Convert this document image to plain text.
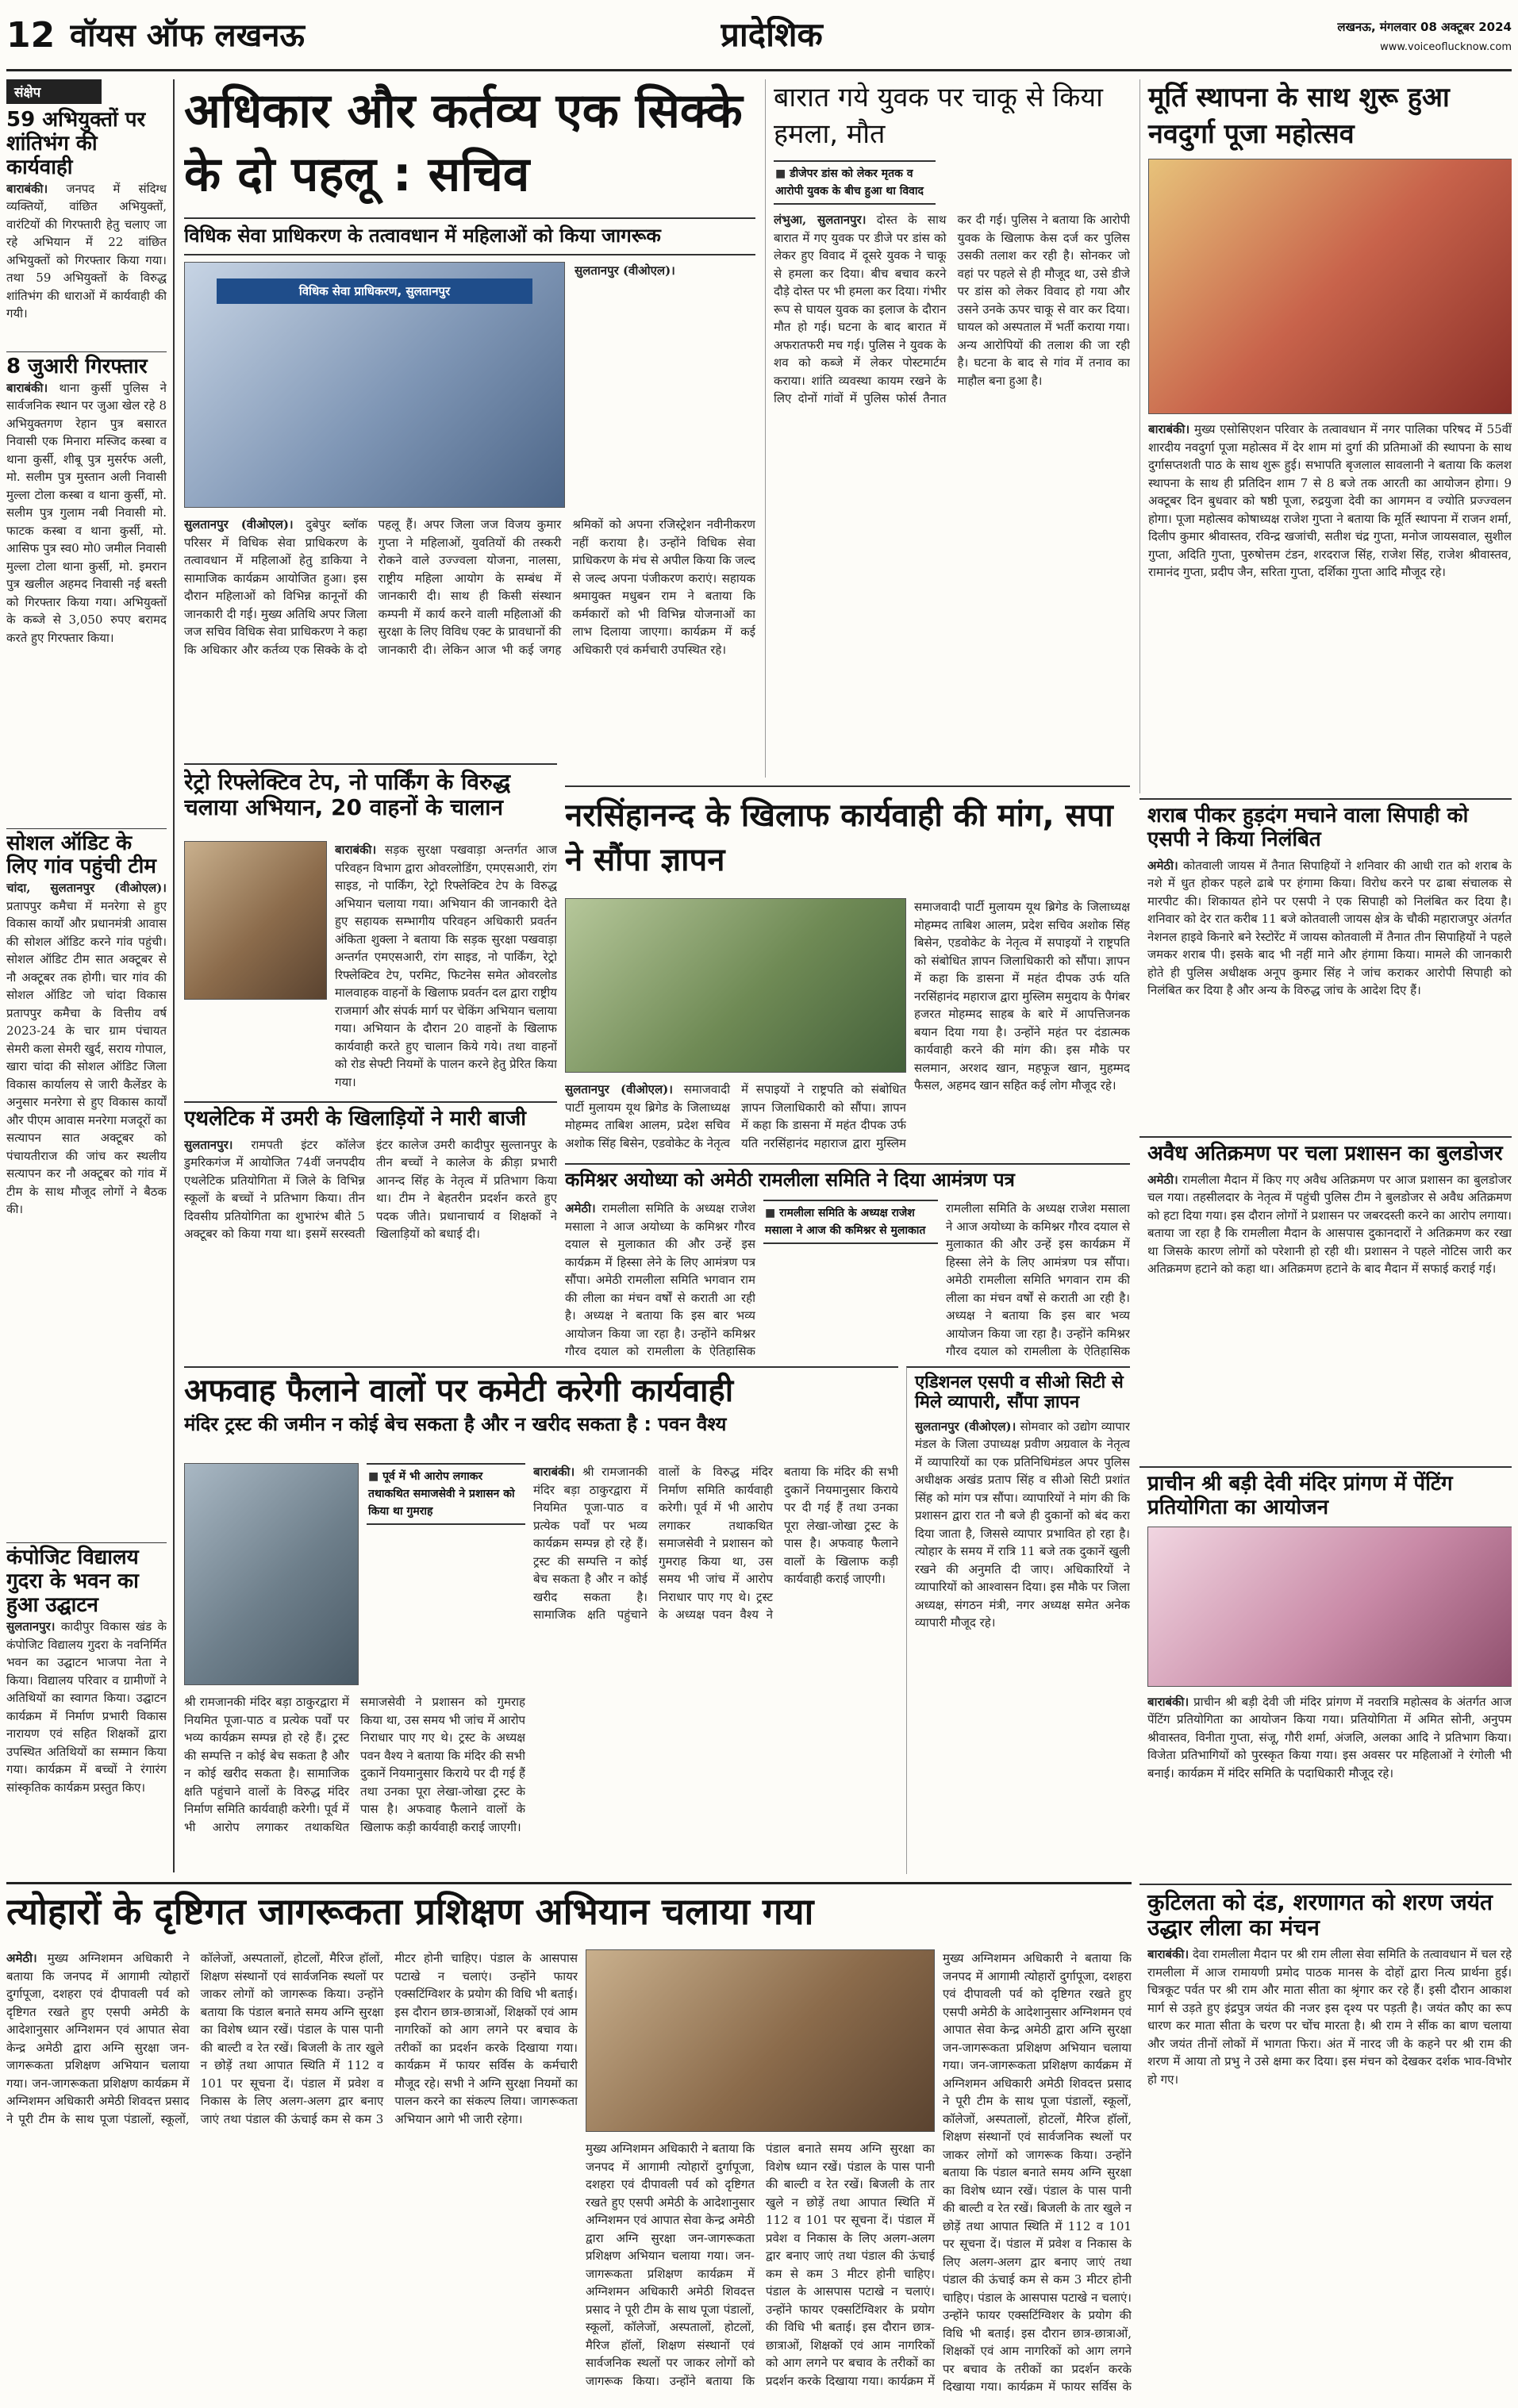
12 वॉयस ऑफ लखनऊ	प्रादेशिक	लखनऊ, मंगलवार 08 अक्टूबर 2024
www.voiceoflucknow.com
संक्षेप
59 अभियुक्तों पर शांतिभंग की कार्यवाही
बाराबंकी। जनपद में संदिग्ध व्यक्तियों, वांछित अभियुक्तों, वारंटियों की गिरफ्तारी हेतु चलाए जा रहे अभियान में 22 वांछित अभियुक्तों को गिरफ्तार किया गया। तथा 59 अभियुक्तों के विरुद्ध शांतिभंग की धाराओं में कार्यवाही की गयी।
8 जुआरी गिरफ्तार
बाराबंकी। थाना कुर्सी पुलिस ने सार्वजनिक स्थान पर जुआ खेल रहे 8 अभियुक्तगण रेहान पुत्र बसारत निवासी एक मिनारा मस्जिद कस्बा व थाना कुर्सी, शीबू पुत्र मुसर्रफ अली, मो. सलीम पुत्र मुस्तान अली निवासी मुल्ला टोला कस्बा व थाना कुर्सी, मो. सलीम पुत्र गुलाम नबी निवासी मो. फाटक कस्बा व थाना कुर्सी, मो. आसिफ पुत्र स्व0 मो0 जमील निवासी मुल्ला टोला थाना कुर्सी, मो. इमरान पुत्र खलील अहमद निवासी नई बस्ती को गिरफ्तार किया गया। अभियुक्तों के कब्जे से 3,050 रुपए बरामद करते हुए गिरफ्तार किया।
सोशल ऑडिट के लिए गांव पहुंची टीम
चांदा, सुलतानपुर (वीओएल)। प्रतापपुर कमैचा में मनरेगा से हुए विकास कार्यों और प्रधानमंत्री आवास की सोशल ऑडिट करने गांव पहुंची। सोशल ऑडिट टीम सात अक्टूबर से नौ अक्टूबर तक होगी। चार गांव की सोशल ऑडिट जो चांदा विकास प्रतापपुर कमैचा के वित्तीय वर्ष 2023-24 के चार ग्राम पंचायत सेमरी कला सेमरी खुर्द, सराय गोपाल, खारा चांदा की सोशल ऑडिट जिला विकास कार्यालय से जारी कैलेंडर के अनुसार मनरेगा से हुए विकास कार्यों और पीएम आवास मनरेगा मजदूरों का सत्यापन सात अक्टूबर को पंचायतीराज की जांच कर स्थलीय सत्यापन कर नौ अक्टूबर को गांव में टीम के साथ मौजूद लोगों ने बैठक की।
कंपोजिट विद्यालय गुदरा के भवन का हुआ उद्घाटन
सुलतानपुर। कादीपुर विकास खंड के कंपोजिट विद्यालय गुदरा के नवनिर्मित भवन का उद्घाटन भाजपा नेता ने किया। विद्यालय परिवार व ग्रामीणों ने अतिथियों का स्वागत किया। उद्घाटन कार्यक्रम में निर्माण प्रभारी विकास नारायण एवं सहित शिक्षकों द्वारा उपस्थित अतिथियों का सम्मान किया गया। कार्यक्रम में बच्चों ने रंगारंग सांस्कृतिक कार्यक्रम प्रस्तुत किए।
अधिकार और कर्तव्य एक सिक्के के दो पहलू : सचिव
विधिक सेवा प्राधिकरण के तत्वावधान में महिलाओं को किया जागरूक
विधिक सेवा प्राधिकरण, सुलतानपुर
सुलतानपुर (वीओएल)।
सुलतानपुर (वीओएल)। दुबेपुर ब्लॉक परिसर में विधिक सेवा प्राधिकरण के तत्वावधान में महिलाओं हेतु डाकिया ने सामाजिक कार्यक्रम आयोजित हुआ। इस दौरान महिलाओं को विभिन्न कानूनों की जानकारी दी गई। मुख्य अतिथि अपर जिला जज सचिव विधिक सेवा प्राधिकरण ने कहा कि अधिकार और कर्तव्य एक सिक्के के दो पहलू हैं। अपर जिला जज विजय कुमार गुप्ता ने महिलाओं, युवतियों की तस्करी रोकने वाले उज्ज्वला योजना, नालसा, राष्ट्रीय महिला आयोग के सम्बंध में जानकारी दी। साथ ही किसी संस्थान कम्पनी में कार्य करने वाली महिलाओं की सुरक्षा के लिए विविध एक्ट के प्रावधानों की जानकारी दी। लेकिन आज भी कई जगह श्रमिकों को अपना रजिस्ट्रेशन नवीनीकरण नहीं कराया है। उन्होंने विधिक सेवा प्राधिकरण के मंच से अपील किया कि जल्द से जल्द अपना पंजीकरण कराएं। सहायक श्रमायुक्त मधुबन राम ने बताया कि कर्मकारों को भी विभिन्न योजनाओं का लाभ दिलाया जाएगा। कार्यक्रम में कई अधिकारी एवं कर्मचारी उपस्थित रहे।
रेट्रो रिफ्लेक्टिव टेप, नो पार्किंग के विरुद्ध चलाया अभियान, 20 वाहनों के चालान
बाराबंकी। सड़क सुरक्षा पखवाड़ा अन्तर्गत आज परिवहन विभाग द्वारा ओवरलोडिंग, एमएसआरी, रांग साइड, नो पार्किंग, रेट्रो रिफ्लेक्टिव टेप के विरुद्ध अभियान चलाया गया। अभियान की जानकारी देते हुए सहायक सम्भागीय परिवहन अधिकारी प्रवर्तन अंकिता शुक्ला ने बताया कि सड़क सुरक्षा पखवाड़ा अन्तर्गत एमएसआरी, रांग साइड, नो पार्किंग, रेट्रो रिफ्लेक्टिव टेप, परमिट, फिटनेस समेत ओवरलोड मालवाहक वाहनों के खिलाफ प्रवर्तन दल द्वारा राष्ट्रीय राजमार्ग और संपर्क मार्ग पर चेकिंग अभियान चलाया गया। अभियान के दौरान 20 वाहनों के खिलाफ कार्यवाही करते हुए चालान किये गये। तथा वाहनों को रोड सेफ्टी नियमों के पालन करने हेतु प्रेरित किया गया।
एथलेटिक में उमरी के खिलाड़ियों ने मारी बाजी
सुलतानपुर। रामपती इंटर कॉलेज डुमरिकगंज में आयोजित 74वीं जनपदीय एथलेटिक प्रतियोगिता में जिले के विभिन्न स्कूलों के बच्चों ने प्रतिभाग किया। तीन दिवसीय प्रतियोगिता का शुभारंभ बीते 5 अक्टूबर को किया गया था। इसमें सरस्वती इंटर कालेज उमरी कादीपुर सुल्तानपुर के तीन बच्चों ने कालेज के क्रीड़ा प्रभारी आनन्द सिंह के नेतृत्व में प्रतिभाग किया था। टीम ने बेहतरीन प्रदर्शन करते हुए पदक जीते। प्रधानाचार्य व शिक्षकों ने खिलाड़ियों को बधाई दी।
बारात गये युवक पर चाकू से किया हमला, मौत
■ डीजेपर डांस को लेकर मृतक व आरोपी युवक के बीच हुआ था विवाद
लंभुआ, सुलतानपुर। दोस्त के साथ बारात में गए युवक पर डीजे पर डांस को लेकर हुए विवाद में दूसरे युवक ने चाकू से हमला कर दिया। बीच बचाव करने दौड़े दोस्त पर भी हमला कर दिया। गंभीर रूप से घायल युवक का इलाज के दौरान मौत हो गई। घटना के बाद बारात में अफरातफरी मच गई। पुलिस ने युवक के शव को कब्जे में लेकर पोस्टमार्टम कराया। शांति व्यवस्था कायम रखने के लिए दोनों गांवों में पुलिस फोर्स तैनात कर दी गई। पुलिस ने बताया कि आरोपी युवक के खिलाफ केस दर्ज कर पुलिस उसकी तलाश कर रही है। सोनकर जो वहां पर पहले से ही मौजूद था, उसे डीजे पर डांस को लेकर विवाद हो गया और उसने उनके ऊपर चाकू से वार कर दिया। घायल को अस्पताल में भर्ती कराया गया। अन्य आरोपियों की तलाश की जा रही है। घटना के बाद से गांव में तनाव का माहौल बना हुआ है।
नरसिंहानन्द के खिलाफ कार्यवाही की मांग, सपा ने सौंपा ज्ञापन
समाजवादी पार्टी मुलायम यूथ ब्रिगेड के जिलाध्यक्ष मोहम्मद ताबिश आलम, प्रदेश सचिव अशोक सिंह बिसेन, एडवोकेट के नेतृत्व में सपाइयों ने राष्ट्रपति को संबोधित ज्ञापन जिलाधिकारी को सौंपा। ज्ञापन में कहा कि डासना में महंत दीपक उर्फ यति नरसिंहानंद महाराज द्वारा मुस्लिम समुदाय के पैगंबर हजरत मोहम्मद साहब के बारे में आपत्तिजनक बयान दिया गया है। उन्होंने महंत पर दंडात्मक कार्यवाही करने की मांग की। इस मौके पर सलमान, अरशद खान, महफूज खान, मुहम्मद फैसल, अहमद खान सहित कई लोग मौजूद रहे।
सुलतानपुर (वीओएल)। समाजवादी पार्टी मुलायम यूथ ब्रिगेड के जिलाध्यक्ष मोहम्मद ताबिश आलम, प्रदेश सचिव अशोक सिंह बिसेन, एडवोकेट के नेतृत्व में सपाइयों ने राष्ट्रपति को संबोधित ज्ञापन जिलाधिकारी को सौंपा। ज्ञापन में कहा कि डासना में महंत दीपक उर्फ यति नरसिंहानंद महाराज द्वारा मुस्लिम
कमिश्नर अयोध्या को अमेठी रामलीला समिति ने दिया आमंत्रण पत्र
■ रामलीला समिति के अध्यक्ष राजेश मसाला ने आज की कमिश्नर से मुलाकात
अमेठी। रामलीला समिति के अध्यक्ष राजेश मसाला ने आज अयोध्या के कमिश्नर गौरव दयाल से मुलाकात की और उन्हें इस कार्यक्रम में हिस्सा लेने के लिए आमंत्रण पत्र सौंपा। अमेठी रामलीला समिति भगवान राम की लीला का मंचन वर्षों से कराती आ रही है। अध्यक्ष ने बताया कि इस बार भव्य आयोजन किया जा रहा है। उन्होंने कमिश्नर गौरव दयाल को रामलीला के ऐतिहासिक
रामलीला समिति के अध्यक्ष राजेश मसाला ने आज अयोध्या के कमिश्नर गौरव दयाल से मुलाकात की और उन्हें इस कार्यक्रम में हिस्सा लेने के लिए आमंत्रण पत्र सौंपा। अमेठी रामलीला समिति भगवान राम की लीला का मंचन वर्षों से कराती आ रही है। अध्यक्ष ने बताया कि इस बार भव्य आयोजन किया जा रहा है। उन्होंने कमिश्नर गौरव दयाल को रामलीला के ऐतिहासिक
मूर्ति स्थापना के साथ शुरू हुआ नवदुर्गा पूजा महोत्सव
बाराबंकी। मुख्य एसोसिएशन परिवार के तत्वावधान में नगर पालिका परिषद में 55वीं शारदीय नवदुर्गा पूजा महोत्सव में देर शाम मां दुर्गा की प्रतिमाओं की स्थापना के साथ दुर्गासप्तशती पाठ के साथ शुरू हुई। सभापति बृजलाल सावलानी ने बताया कि कलश स्थापना के साथ ही प्रतिदिन शाम 7 से 8 बजे तक आरती का आयोजन होगा। 9 अक्टूबर दिन बुधवार को षष्ठी पूजा, रुद्रयुजा देवी का आगमन व ज्योति प्रज्ज्वलन होगा। पूजा महोत्सव कोषाध्यक्ष राजेश गुप्ता ने बताया कि मूर्ति स्थापना में राजन शर्मा, दिलीप कुमार श्रीवास्तव, रविन्द्र खजांची, सतीश चंद्र गुप्ता, मनोज जायसवाल, सुशील गुप्ता, अदिति गुप्ता, पुरुषोत्तम टंडन, शरदराज सिंह, राजेश सिंह, राजेश श्रीवास्तव, रामानंद गुप्ता, प्रदीप जैन, सरिता गुप्ता, दर्शिका गुप्ता आदि मौजूद रहे।
शराब पीकर हुड़दंग मचाने वाला सिपाही को एसपी ने किया निलंबित
अमेठी। कोतवाली जायस में तैनात सिपाहियों ने शनिवार की आधी रात को शराब के नशे में धुत होकर पहले ढाबे पर हंगामा किया। विरोध करने पर ढाबा संचालक से मारपीट की। शिकायत होने पर एसपी ने एक सिपाही को निलंबित कर दिया है। शनिवार को देर रात करीब 11 बजे कोतवाली जायस क्षेत्र के चौकी महाराजपुर अंतर्गत नेशनल हाइवे किनारे बने रेस्टोरेंट में जायस कोतवाली में तैनात तीन सिपाहियों ने पहले जमकर शराब पी। इसके बाद भी नहीं माने और हंगामा किया। मामले की जानकारी होते ही पुलिस अधीक्षक अनूप कुमार सिंह ने जांच कराकर आरोपी सिपाही को निलंबित कर दिया है और अन्य के विरुद्ध जांच के आदेश दिए हैं।
अवैध अतिक्रमण पर चला प्रशासन का बुलडोजर
अमेठी। रामलीला मैदान में किए गए अवैध अतिक्रमण पर आज प्रशासन का बुलडोजर चल गया। तहसीलदार के नेतृत्व में पहुंची पुलिस टीम ने बुलडोजर से अवैध अतिक्रमण को हटा दिया गया। इस दौरान लोगों ने प्रशासन पर जबरदस्ती करने का आरोप लगाया। बताया जा रहा है कि रामलीला मैदान के आसपास दुकानदारों ने अतिक्रमण कर रखा था जिसके कारण लोगों को परेशानी हो रही थी। प्रशासन ने पहले नोटिस जारी कर अतिक्रमण हटाने को कहा था। अतिक्रमण हटाने के बाद मैदान में सफाई कराई गई।
अफवाह फैलाने वालों पर कमेटी करेगी कार्यवाही
मंदिर ट्रस्ट की जमीन न कोई बेच सकता है और न खरीद सकता है : पवन वैश्य
■ पूर्व में भी आरोप लगाकर तथाकथित समाजसेवी ने प्रशासन को किया था गुमराह
बाराबंकी। श्री रामजानकी मंदिर बड़ा ठाकुरद्वारा में नियमित पूजा-पाठ व प्रत्येक पर्वों पर भव्य कार्यक्रम सम्पन्न हो रहे हैं। ट्रस्ट की सम्पत्ति न कोई बेच सकता है और न कोई खरीद सकता है। सामाजिक क्षति पहुंचाने वालों के विरुद्ध मंदिर निर्माण समिति कार्यवाही करेगी। पूर्व में भी आरोप लगाकर तथाकथित समाजसेवी ने प्रशासन को गुमराह किया था, उस समय भी जांच में आरोप निराधार पाए गए थे। ट्रस्ट के अध्यक्ष पवन वैश्य ने बताया कि मंदिर की सभी दुकानें नियमानुसार किराये पर दी गई हैं तथा उनका पूरा लेखा-जोखा ट्रस्ट के पास है। अफवाह फैलाने वालों के खिलाफ कड़ी कार्यवाही कराई जाएगी।
श्री रामजानकी मंदिर बड़ा ठाकुरद्वारा में नियमित पूजा-पाठ व प्रत्येक पर्वों पर भव्य कार्यक्रम सम्पन्न हो रहे हैं। ट्रस्ट की सम्पत्ति न कोई बेच सकता है और न कोई खरीद सकता है। सामाजिक क्षति पहुंचाने वालों के विरुद्ध मंदिर निर्माण समिति कार्यवाही करेगी। पूर्व में भी आरोप लगाकर तथाकथित समाजसेवी ने प्रशासन को गुमराह किया था, उस समय भी जांच में आरोप निराधार पाए गए थे। ट्रस्ट के अध्यक्ष पवन वैश्य ने बताया कि मंदिर की सभी दुकानें नियमानुसार किराये पर दी गई हैं तथा उनका पूरा लेखा-जोखा ट्रस्ट के पास है। अफवाह फैलाने वालों के खिलाफ कड़ी कार्यवाही कराई जाएगी।
एडिशनल एसपी व सीओ सिटी से मिले व्यापारी, सौंपा ज्ञापन
सुलतानपुर (वीओएल)। सोमवार को उद्योग व्यापार मंडल के जिला उपाध्यक्ष प्रवीण अग्रवाल के नेतृत्व में व्यापारियों का एक प्रतिनिधिमंडल अपर पुलिस अधीक्षक अखंड प्रताप सिंह व सीओ सिटी प्रशांत सिंह को मांग पत्र सौंपा। व्यापारियों ने मांग की कि प्रशासन द्वारा रात नौ बजे ही दुकानों को बंद करा दिया जाता है, जिससे व्यापार प्रभावित हो रहा है। त्योहार के समय में रात्रि 11 बजे तक दुकानें खुली रखने की अनुमति दी जाए। अधिकारियों ने व्यापारियों को आश्वासन दिया। इस मौके पर जिला अध्यक्ष, संगठन मंत्री, नगर अध्यक्ष समेत अनेक व्यापारी मौजूद रहे।
प्राचीन श्री बड़ी देवी मंदिर प्रांगण में पेंटिंग प्रतियोगिता का आयोजन
बाराबंकी। प्राचीन श्री बड़ी देवी जी मंदिर प्रांगण में नवरात्रि महोत्सव के अंतर्गत आज पेंटिंग प्रतियोगिता का आयोजन किया गया। प्रतियोगिता में अमित सोनी, अनुपम श्रीवास्तव, विनीता गुप्ता, संजू, गौरी शर्मा, अंजलि, अलका आदि ने प्रतिभाग किया। विजेता प्रतिभागियों को पुरस्कृत किया गया। इस अवसर पर महिलाओं ने रंगोली भी बनाई। कार्यक्रम में मंदिर समिति के पदाधिकारी मौजूद रहे।
त्योहारों के दृष्टिगत जागरूकता प्रशिक्षण अभियान चलाया गया
अमेठी। मुख्य अग्निशमन अधिकारी ने बताया कि जनपद में आगामी त्योहारों दुर्गापूजा, दशहरा एवं दीपावली पर्व को दृष्टिगत रखते हुए एसपी अमेठी के आदेशानुसार अग्निशमन एवं आपात सेवा केन्द्र अमेठी द्वारा अग्नि सुरक्षा जन-जागरूकता प्रशिक्षण अभियान चलाया गया। जन-जागरूकता प्रशिक्षण कार्यक्रम में अग्निशमन अधिकारी अमेठी शिवदत्त प्रसाद ने पूरी टीम के साथ पूजा पंडालों, स्कूलों, कॉलेजों, अस्पतालों, होटलों, मैरिज हॉलों, शिक्षण संस्थानों एवं सार्वजनिक स्थलों पर जाकर लोगों को जागरूक किया। उन्होंने बताया कि पंडाल बनाते समय अग्नि सुरक्षा का विशेष ध्यान रखें। पंडाल के पास पानी की बाल्टी व रेत रखें। बिजली के तार खुले न छोड़ें तथा आपात स्थिति में 112 व 101 पर सूचना दें। पंडाल में प्रवेश व निकास के लिए अलग-अलग द्वार बनाए जाएं तथा पंडाल की ऊंचाई कम से कम 3 मीटर होनी चाहिए। पंडाल के आसपास पटाखे न चलाएं। उन्होंने फायर एक्सटिंग्विशर के प्रयोग की विधि भी बताई। इस दौरान छात्र-छात्राओं, शिक्षकों एवं आम नागरिकों को आग लगने पर बचाव के तरीकों का प्रदर्शन करके दिखाया गया। कार्यक्रम में फायर सर्विस के कर्मचारी मौजूद रहे। सभी ने अग्नि सुरक्षा नियमों का पालन करने का संकल्प लिया। जागरूकता अभियान आगे भी जारी रहेगा।
मुख्य अग्निशमन अधिकारी ने बताया कि जनपद में आगामी त्योहारों दुर्गापूजा, दशहरा एवं दीपावली पर्व को दृष्टिगत रखते हुए एसपी अमेठी के आदेशानुसार अग्निशमन एवं आपात सेवा केन्द्र अमेठी द्वारा अग्नि सुरक्षा जन-जागरूकता प्रशिक्षण अभियान चलाया गया। जन-जागरूकता प्रशिक्षण कार्यक्रम में अग्निशमन अधिकारी अमेठी शिवदत्त प्रसाद ने पूरी टीम के साथ पूजा पंडालों, स्कूलों, कॉलेजों, अस्पतालों, होटलों, मैरिज हॉलों, शिक्षण संस्थानों एवं सार्वजनिक स्थलों पर जाकर लोगों को जागरूक किया। उन्होंने बताया कि पंडाल बनाते समय अग्नि सुरक्षा का विशेष ध्यान रखें। पंडाल के पास पानी की बाल्टी व रेत रखें। बिजली के तार खुले न छोड़ें तथा आपात स्थिति में 112 व 101 पर सूचना दें। पंडाल में प्रवेश व निकास के लिए अलग-अलग द्वार बनाए जाएं तथा पंडाल की ऊंचाई कम से कम 3 मीटर होनी चाहिए। पंडाल के आसपास पटाखे न चलाएं। उन्होंने फायर एक्सटिंग्विशर के प्रयोग की विधि भी बताई। इस दौरान छात्र-छात्राओं, शिक्षकों एवं आम नागरिकों को आग लगने पर बचाव के तरीकों का प्रदर्शन करके दिखाया गया। कार्यक्रम में
मुख्य अग्निशमन अधिकारी ने बताया कि जनपद में आगामी त्योहारों दुर्गापूजा, दशहरा एवं दीपावली पर्व को दृष्टिगत रखते हुए एसपी अमेठी के आदेशानुसार अग्निशमन एवं आपात सेवा केन्द्र अमेठी द्वारा अग्नि सुरक्षा जन-जागरूकता प्रशिक्षण अभियान चलाया गया। जन-जागरूकता प्रशिक्षण कार्यक्रम में अग्निशमन अधिकारी अमेठी शिवदत्त प्रसाद ने पूरी टीम के साथ पूजा पंडालों, स्कूलों, कॉलेजों, अस्पतालों, होटलों, मैरिज हॉलों, शिक्षण संस्थानों एवं सार्वजनिक स्थलों पर जाकर लोगों को जागरूक किया। उन्होंने बताया कि पंडाल बनाते समय अग्नि सुरक्षा का विशेष ध्यान रखें। पंडाल के पास पानी की बाल्टी व रेत रखें। बिजली के तार खुले न छोड़ें तथा आपात स्थिति में 112 व 101 पर सूचना दें। पंडाल में प्रवेश व निकास के लिए अलग-अलग द्वार बनाए जाएं तथा पंडाल की ऊंचाई कम से कम 3 मीटर होनी चाहिए। पंडाल के आसपास पटाखे न चलाएं। उन्होंने फायर एक्सटिंग्विशर के प्रयोग की विधि भी बताई। इस दौरान छात्र-छात्राओं, शिक्षकों एवं आम नागरिकों को आग लगने पर बचाव के तरीकों का प्रदर्शन करके दिखाया गया। कार्यक्रम में फायर सर्विस के
कुटिलता को दंड, शरणागत को शरण जयंत उद्धार लीला का मंचन
बाराबंकी। देवा रामलीला मैदान पर श्री राम लीला सेवा समिति के तत्वावधान में चल रहे रामलीला में आज रामायणी प्रमोद पाठक मानस के दोहों द्वारा नित्य प्रार्थना हुई। चित्रकूट पर्वत पर श्री राम और माता सीता का श्रृंगार कर रहे हैं। इसी दौरान आकाश मार्ग से उड़ते हुए इंद्रपुत्र जयंत की नजर इस दृश्य पर पड़ती है। जयंत कौए का रूप धारण कर माता सीता के चरण पर चोंच मारता है। श्री राम ने सींक का बाण चलाया और जयंत तीनों लोकों में भागता फिरा। अंत में नारद जी के कहने पर श्री राम की शरण में आया तो प्रभु ने उसे क्षमा कर दिया। इस मंचन को देखकर दर्शक भाव-विभोर हो गए।
